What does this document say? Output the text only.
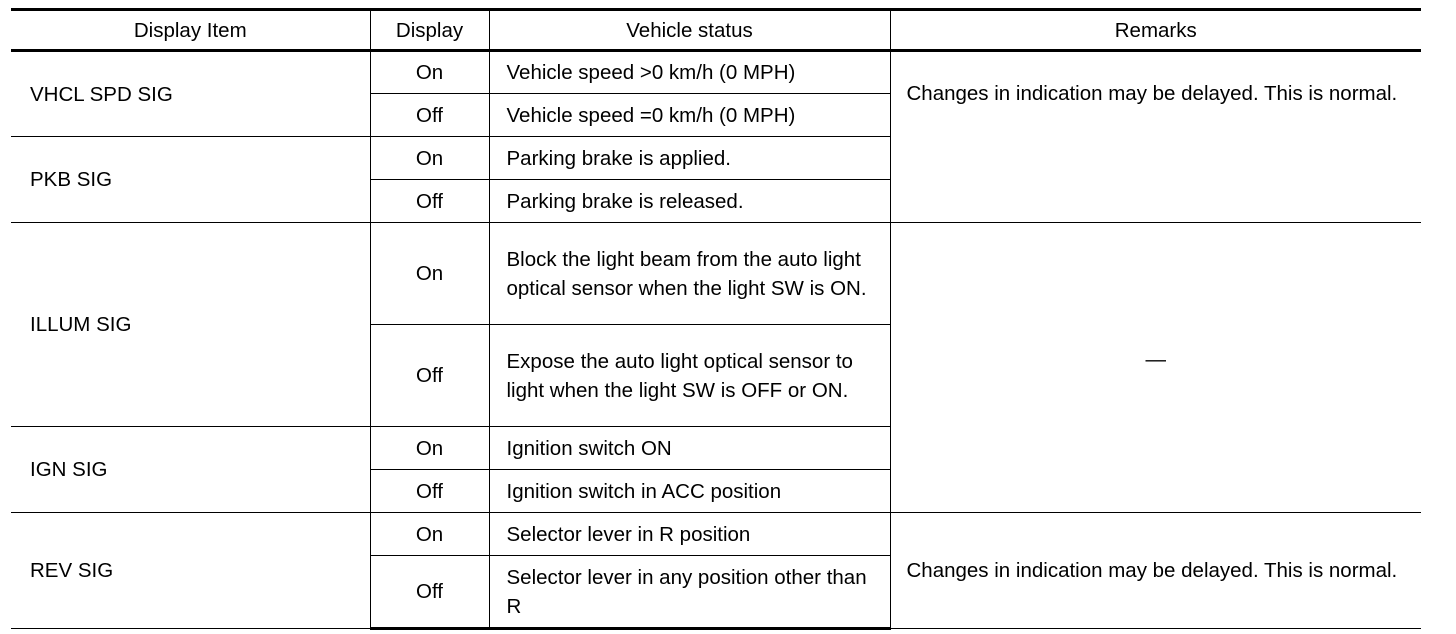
Display Item	Display	Vehicle status	Remarks
VHCL SPD SIG	On	Vehicle speed >0 km/h (0 MPH)	Changes in indication may be delayed. This is normal.
	Off	Vehicle speed =0 km/h (0 MPH)	
PKB SIG	On	Parking brake is applied.	
	Off	Parking brake is released.	
ILLUM SIG	On	Block the light beam from the auto light optical sensor when the light SW is ON.	—
	Off	Expose the auto light optical sensor to light when the light SW is OFF or ON.	
IGN SIG	On	Ignition switch ON	
	Off	Ignition switch in ACC position	
REV SIG	On	Selector lever in R position	Changes in indication may be delayed. This is normal.
	Off	Selector lever in any position other than R	
